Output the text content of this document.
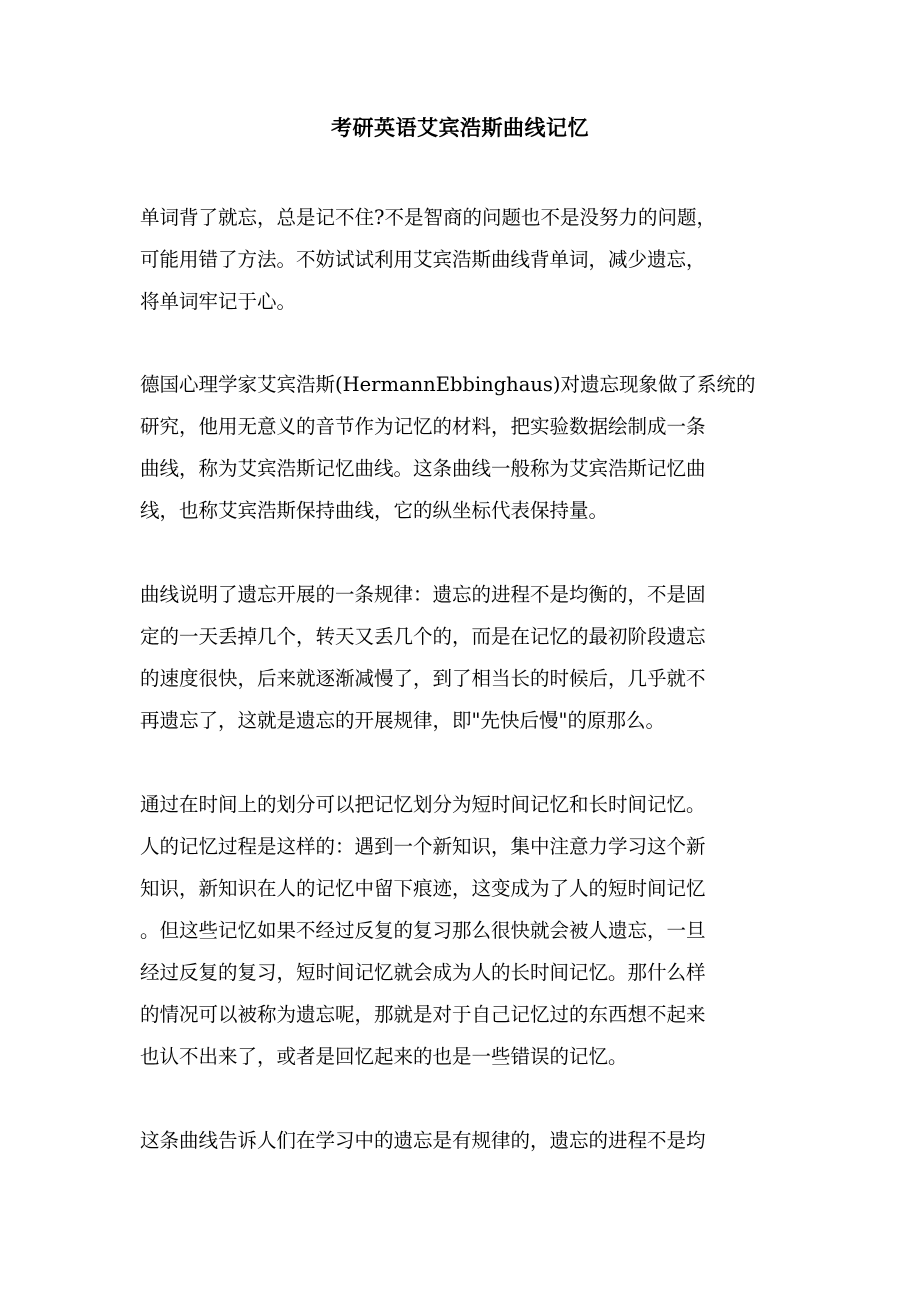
考研英语艾宾浩斯曲线记忆
单词背了就忘，总是记不住?不是智商的问题也不是没努力的问题，
可能用错了方法。不妨试试利用艾宾浩斯曲线背单词，减少遗忘，
将单词牢记于心。
德国心理学家艾宾浩斯(HermannEbbinghaus)对遗忘现象做了系统的
研究，他用无意义的音节作为记忆的材料，把实验数据绘制成一条
曲线，称为艾宾浩斯记忆曲线。这条曲线一般称为艾宾浩斯记忆曲
线，也称艾宾浩斯保持曲线，它的纵坐标代表保持量。
曲线说明了遗忘开展的一条规律：遗忘的进程不是均衡的，不是固
定的一天丢掉几个，转天又丢几个的，而是在记忆的最初阶段遗忘
的速度很快，后来就逐渐减慢了，到了相当长的时候后，几乎就不
再遗忘了，这就是遗忘的开展规律，即"先快后慢"的原那么。
通过在时间上的划分可以把记忆划分为短时间记忆和长时间记忆。
人的记忆过程是这样的：遇到一个新知识，集中注意力学习这个新
知识，新知识在人的记忆中留下痕迹，这变成为了人的短时间记忆
。但这些记忆如果不经过反复的复习那么很快就会被人遗忘，一旦
经过反复的复习，短时间记忆就会成为人的长时间记忆。那什么样
的情况可以被称为遗忘呢，那就是对于自己记忆过的东西想不起来
也认不出来了，或者是回忆起来的也是一些错误的记忆。
这条曲线告诉人们在学习中的遗忘是有规律的，遗忘的进程不是均
